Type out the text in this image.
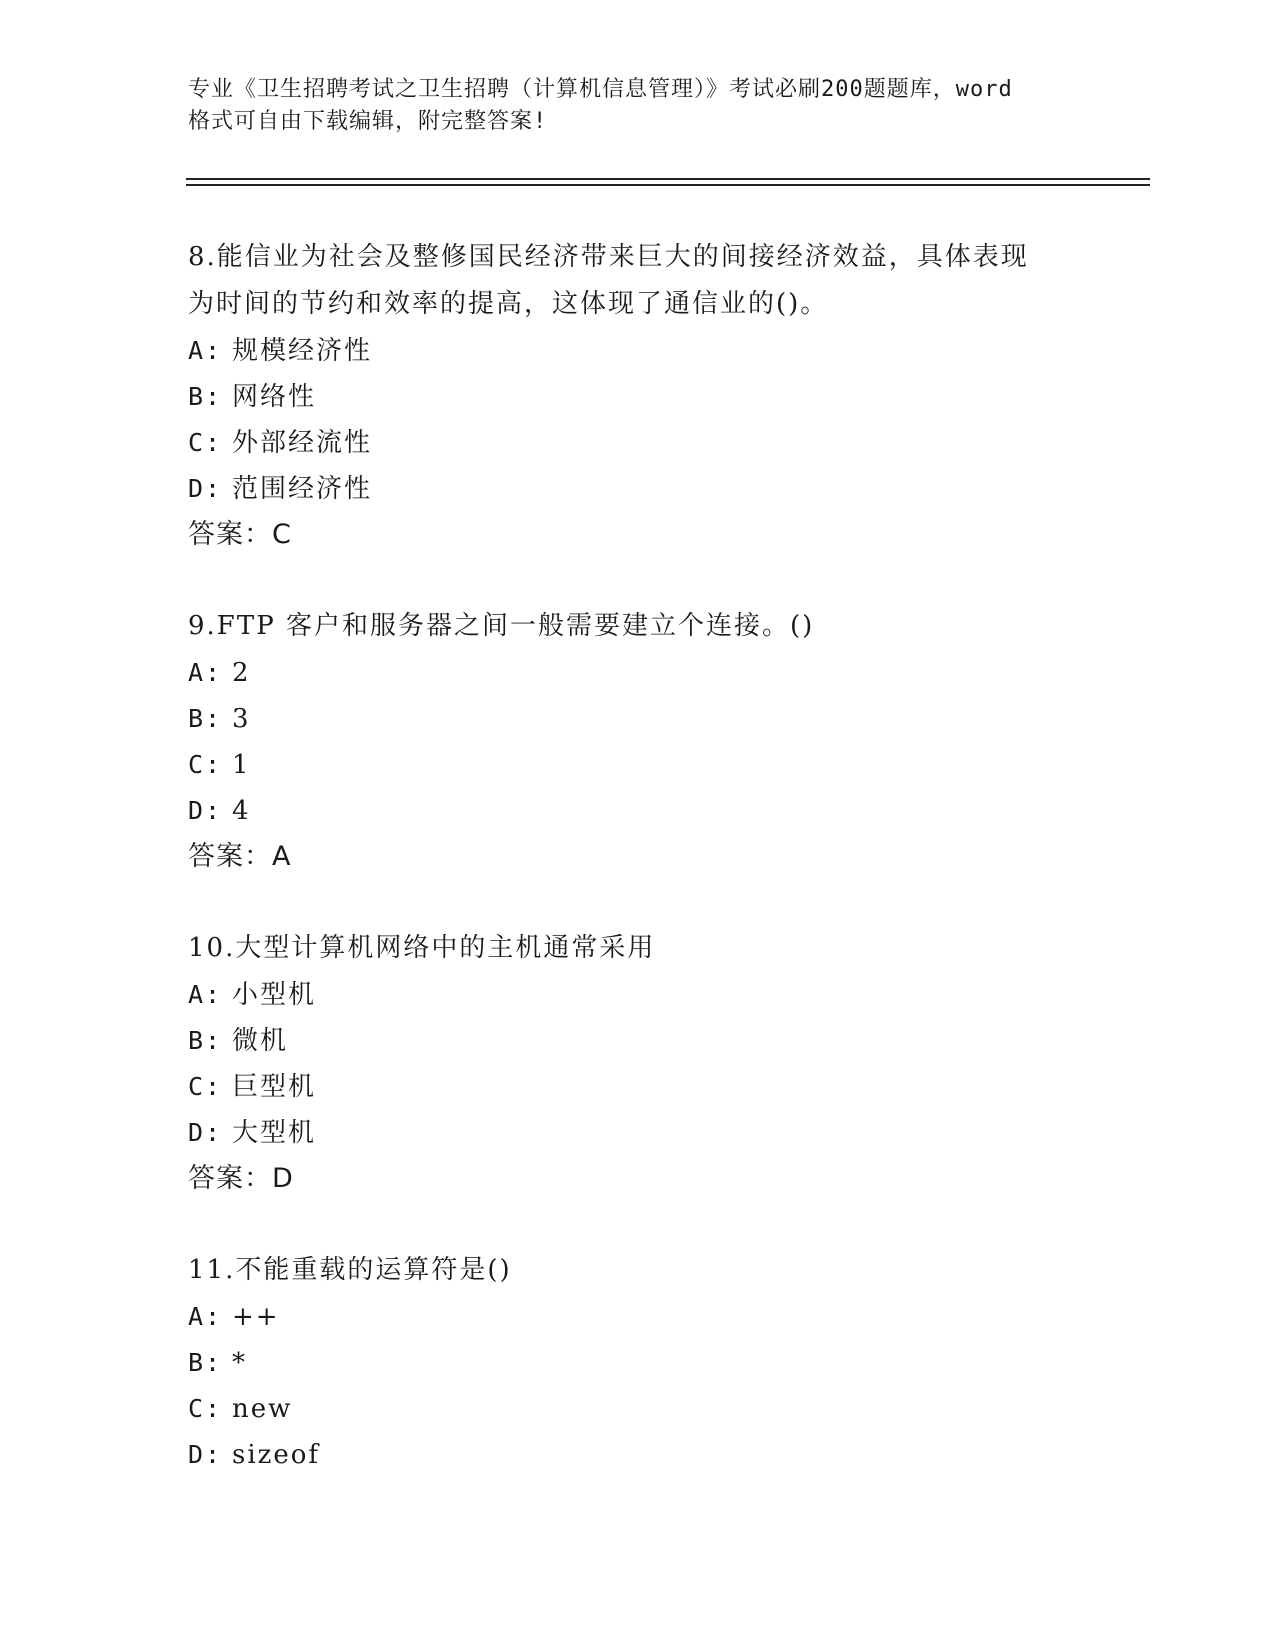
专业《卫生招聘考试之卫生招聘（计算机信息管理）》考试必刷200题题库，word
格式可自由下载编辑，附完整答案!
8.能信业为社会及整修国民经济带来巨大的间接经济效益，具体表现为时间的节约和效率的提高，这体现了通信业的()。
A: 规模经济性
B: 网络性
C: 外部经流性
D: 范围经济性
答案：C
9.FTP 客户和服务器之间一般需要建立个连接。()
A: 2
B: 3
C: 1
D: 4
答案：A
10.大型计算机网络中的主机通常采用
A: 小型机
B: 微机
C: 巨型机
D: 大型机
答案：D
11.不能重载的运算符是()
A: ++
B: *
C: new
D: sizeof
